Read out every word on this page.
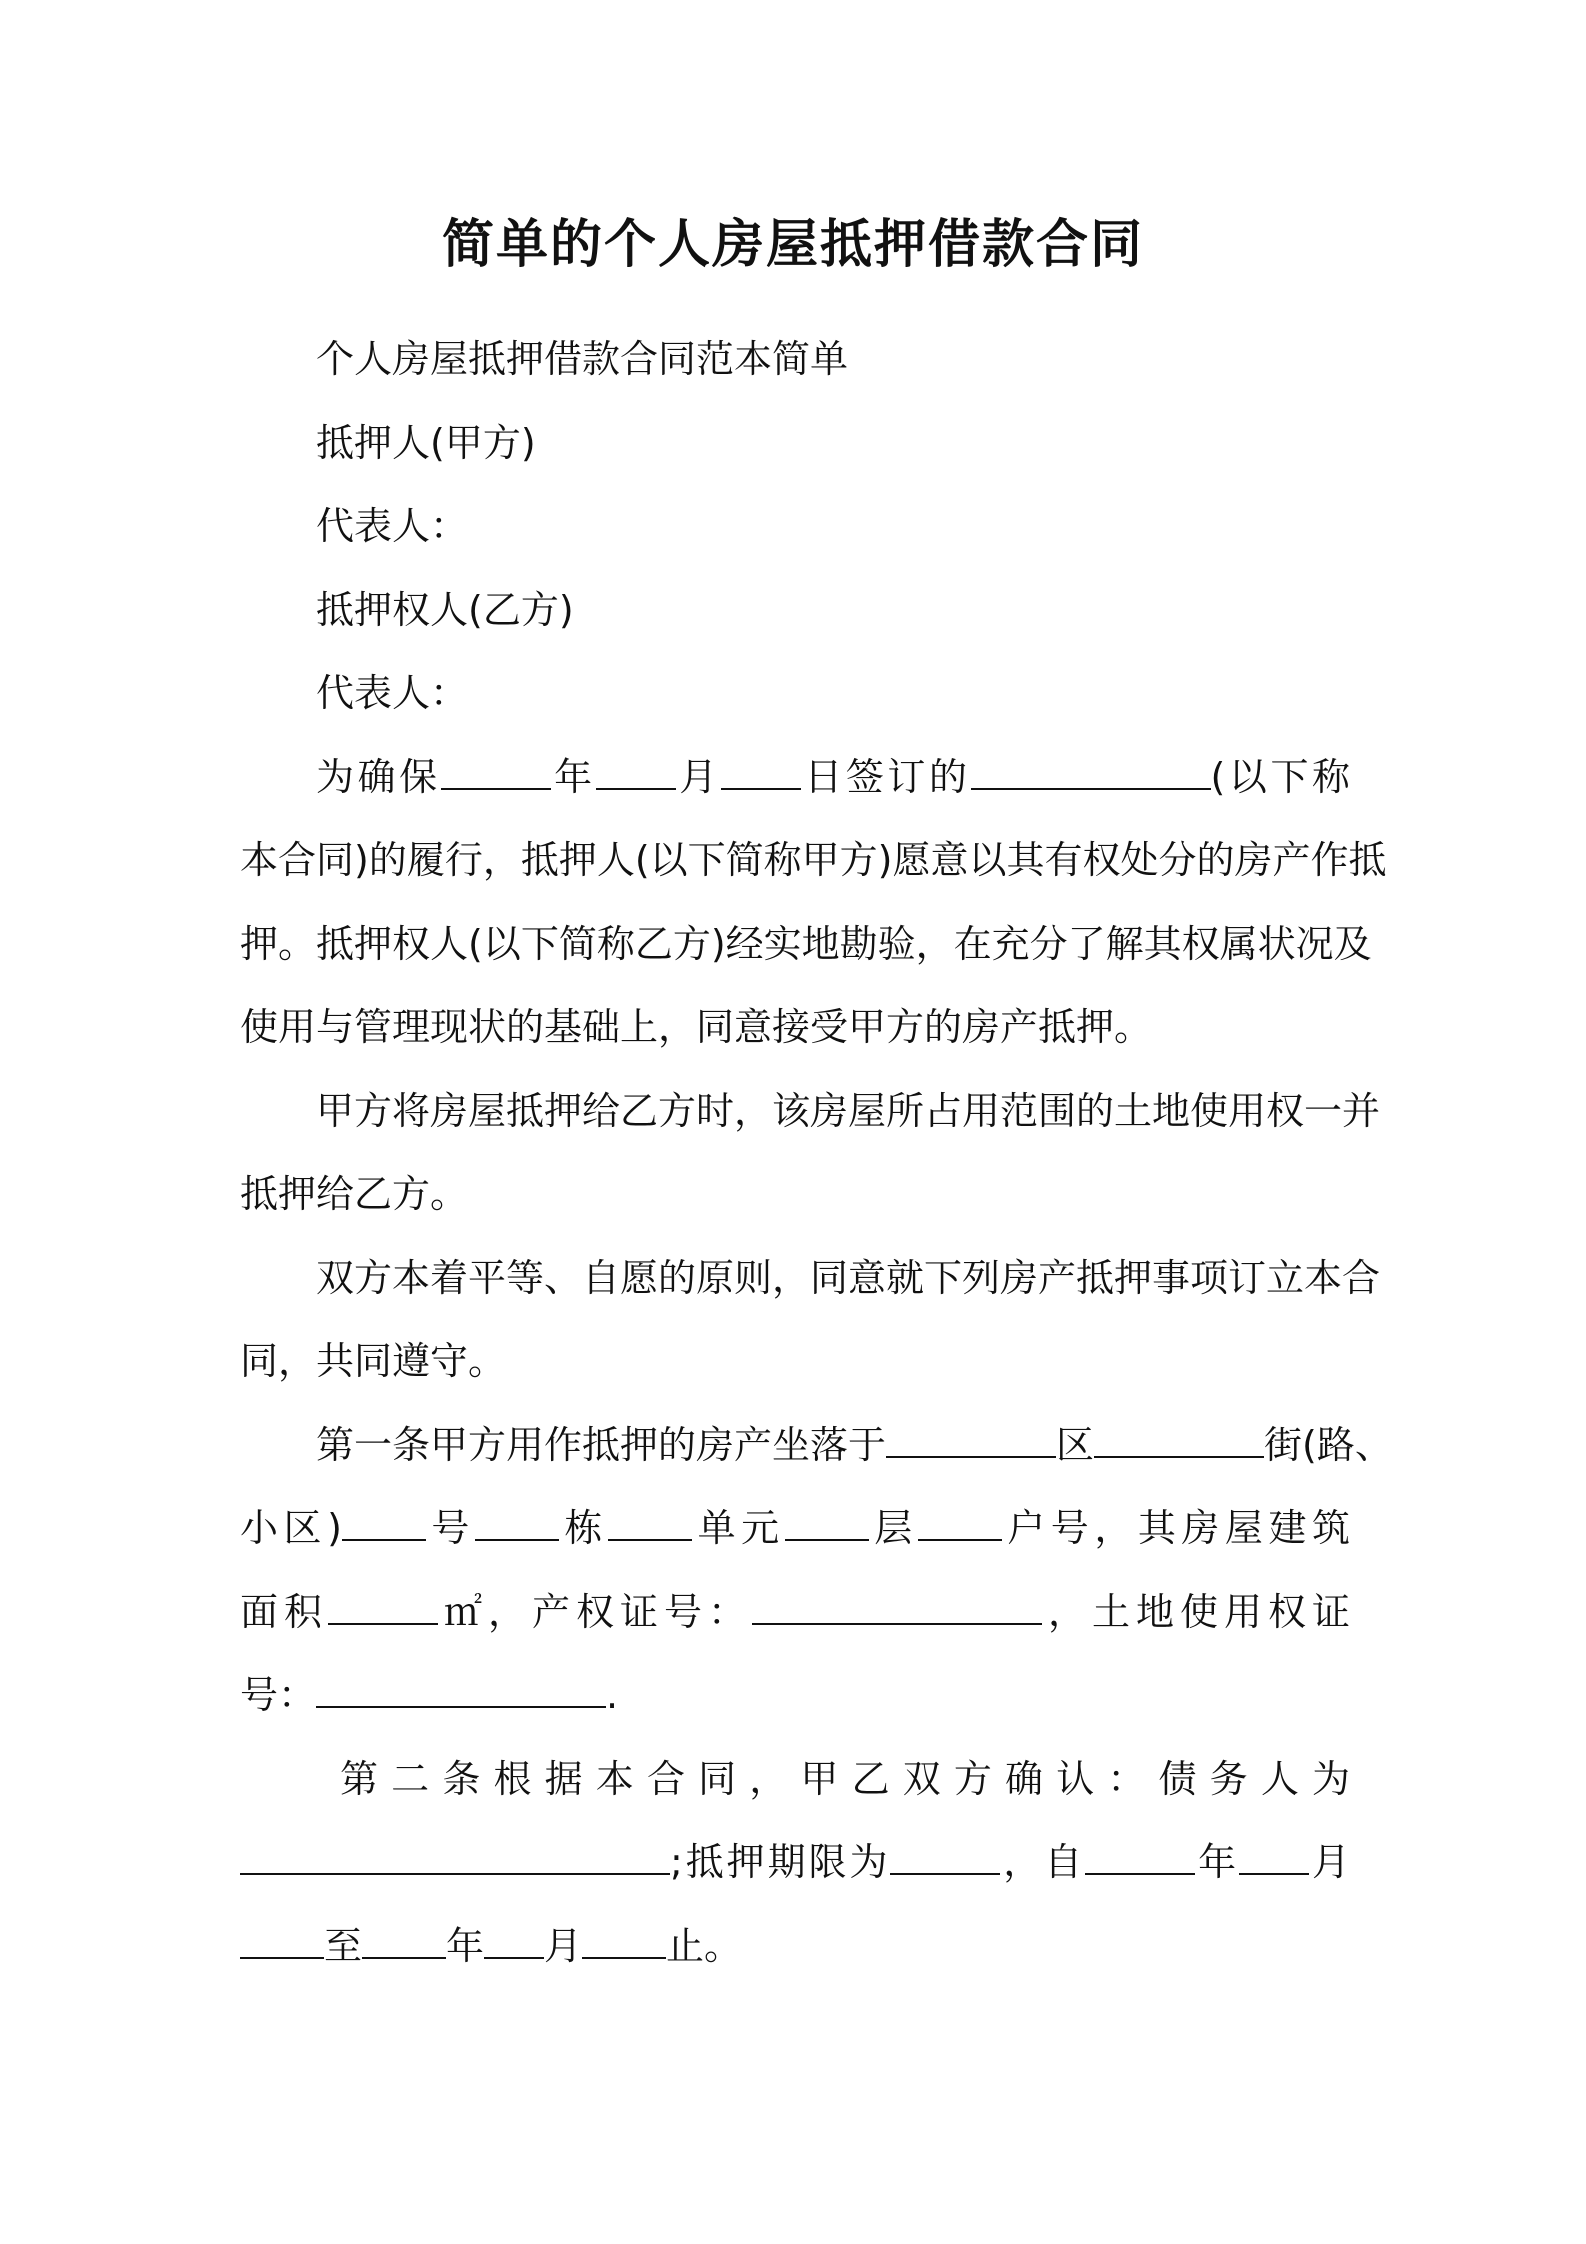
简单的个人房屋抵押借款合同

个人房屋抵押借款合同范本简单

抵押人(甲方)

代表人：

抵押权人(乙方)

代表人：

为确保	年 月 日签订的	(以下称

本合同)的履行，抵押人(以下简称甲方)愿意以其有权处分的房产作抵

押。抵押权人(以下简称乙方)经实地勘验，在充分了解其权属状况及

使用与管理现状的基础上，同意接受甲方的房产抵押。

甲方将房屋抵押给乙方时，该房屋所占用范围的土地使用权一并

抵押给乙方。

双方本着平等、自愿的原则，同意就下列房产抵押事项订立本合

同，共同遵守。

第一条甲方用作抵押的房产坐落于	区	街(路、

小区) 号 栋 单元 层 户号，其房屋建筑

面积	㎡，产权证号：	，土地使用权证

号：	.

第二条根据本合同，甲乙双方确认：债务人为

;抵押期限为	，自	年 月

至 年 月 止。
